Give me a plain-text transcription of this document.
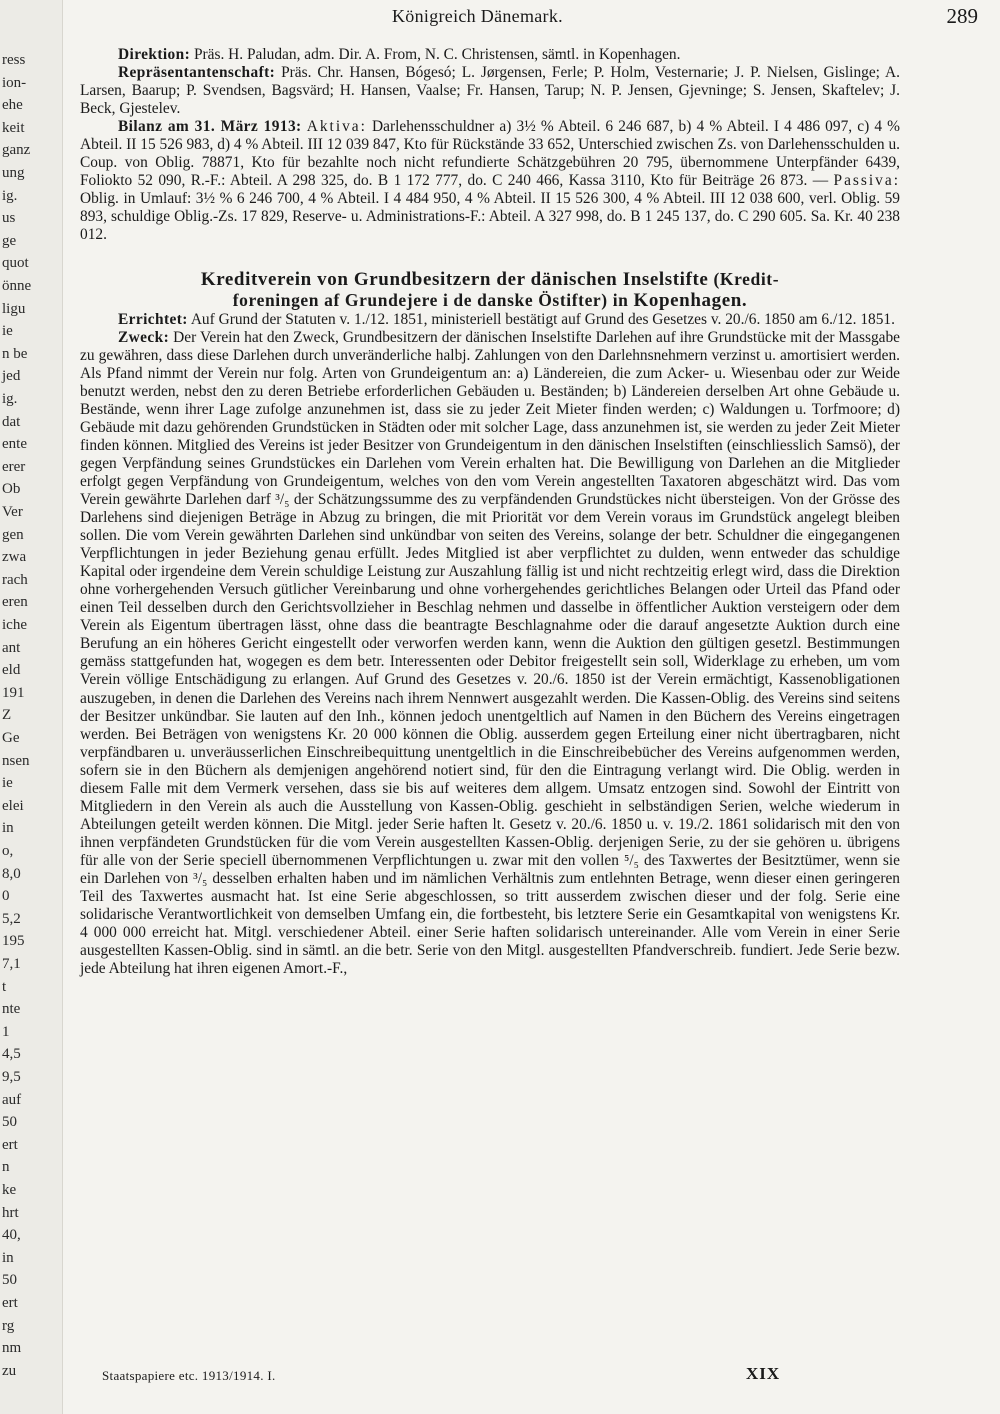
ress
ion-
ehe
keit
ganz
ung
ig.
us
ge
quot
önne
ligu
ie
n be
jed
ig.
dat
ente
erer
Ob
Ver
gen
zwa
rach
eren
iche
ant
eld
191
Z
Ge
nsen
ie
elei
in
o,
8,0
0
5,2
195
7,1
t
nte
1
4,5
9,5
auf
50
ert
n
ke
hrt
40,
in
50
ert
rg
nm
zu
Königreich Dänemark.	289

Direktion: Präs. H. Paludan, adm. Dir. A. From, N. C. Christensen, sämtl. in Kopenhagen.

Repräsentantenschaft: Präs. Chr. Hansen, Bógesó; L. Jørgensen, Ferle; P. Holm, Vesternarie; J. P. Nielsen, Gislinge; A. Larsen, Baarup; P. Svendsen, Bagsvärd; H. Hansen, Vaalse; Fr. Hansen, Tarup; N. P. Jensen, Gjevninge; S. Jensen, Skaftelev; J. Beck, Gjestelev.

Bilanz am 31. März 1913: Aktiva: Darlehensschuldner a) 3½ % Abteil. 6 246 687, b) 4 % Abteil. I 4 486 097, c) 4 % Abteil. II 15 526 983, d) 4 % Abteil. III 12 039 847, Kto für Rückstände 33 652, Unterschied zwischen Zs. von Darlehensschulden u. Coup. von Oblig. 78871, Kto für bezahlte noch nicht refundierte Schätzgebühren 20 795, übernommene Unterpfänder 6439, Foliokto 52 090, R.-F.: Abteil. A 298 325, do. B 1 172 777, do. C 240 466, Kassa 3110, Kto für Beiträge 26 873. — Passiva: Oblig. in Umlauf: 3½ % 6 246 700, 4 % Abteil. I 4 484 950, 4 % Abteil. II 15 526 300, 4 % Abteil. III 12 038 600, verl. Oblig. 59 893, schuldige Oblig.-Zs. 17 829, Reserve- u. Administrations-F.: Abteil. A 327 998, do. B 1 245 137, do. C 290 605. Sa. Kr. 40 238 012.

Kreditverein von Grundbesitzern der dänischen Inselstifte (Kredit-
foreningen af Grundejere i de danske Östifter) in Kopenhagen.

Errichtet: Auf Grund der Statuten v. 1./12. 1851, ministeriell bestätigt auf Grund des Gesetzes v. 20./6. 1850 am 6./12. 1851.

Zweck: Der Verein hat den Zweck, Grundbesitzern der dänischen Inselstifte Darlehen auf ihre Grundstücke mit der Massgabe zu gewähren, dass diese Darlehen durch unveränderliche halbj. Zahlungen von den Darlehnsnehmern verzinst u. amortisiert werden. Als Pfand nimmt der Verein nur folg. Arten von Grundeigentum an: a) Ländereien, die zum Acker- u. Wiesenbau oder zur Weide benutzt werden, nebst den zu deren Betriebe erforderlichen Gebäuden u. Beständen; b) Ländereien derselben Art ohne Gebäude u. Bestände, wenn ihrer Lage zufolge anzunehmen ist, dass sie zu jeder Zeit Mieter finden werden; c) Waldungen u. Torfmoore; d) Gebäude mit dazu gehörenden Grundstücken in Städten oder mit solcher Lage, dass anzunehmen ist, sie werden zu jeder Zeit Mieter finden können. Mitglied des Vereins ist jeder Besitzer von Grundeigentum in den dänischen Inselstiften (einschliesslich Samsö), der gegen Verpfändung seines Grundstückes ein Darlehen vom Verein erhalten hat. Die Bewilligung von Darlehen an die Mitglieder erfolgt gegen Verpfändung von Grundeigentum, welches von den vom Verein angestellten Taxatoren abgeschätzt wird. Das vom Verein gewährte Darlehen darf ³/₅ der Schätzungssumme des zu verpfändenden Grundstückes nicht übersteigen. Von der Grösse des Darlehens sind diejenigen Beträge in Abzug zu bringen, die mit Priorität vor dem Verein voraus im Grundstück angelegt bleiben sollen. Die vom Verein gewährten Darlehen sind unkündbar von seiten des Vereins, solange der betr. Schuldner die eingegangenen Verpflichtungen in jeder Beziehung genau erfüllt. Jedes Mitglied ist aber verpflichtet zu dulden, wenn entweder das schuldige Kapital oder irgendeine dem Verein schuldige Leistung zur Auszahlung fällig ist und nicht rechtzeitig erlegt wird, dass die Direktion ohne vorhergehenden Versuch gütlicher Vereinbarung und ohne vorhergehendes gerichtliches Belangen oder Urteil das Pfand oder einen Teil desselben durch den Gerichtsvollzieher in Beschlag nehmen und dasselbe in öffentlicher Auktion versteigern oder dem Verein als Eigentum übertragen lässt, ohne dass die beantragte Beschlagnahme oder die darauf angesetzte Auktion durch eine Berufung an ein höheres Gericht eingestellt oder verworfen werden kann, wenn die Auktion den gültigen gesetzl. Bestimmungen gemäss stattgefunden hat, wogegen es dem betr. Interessenten oder Debitor freigestellt sein soll, Widerklage zu erheben, um vom Verein völlige Entschädigung zu erlangen. Auf Grund des Gesetzes v. 20./6. 1850 ist der Verein ermächtigt, Kassenobligationen auszugeben, in denen die Darlehen des Vereins nach ihrem Nennwert ausgezahlt werden. Die Kassen-Oblig. des Vereins sind seitens der Besitzer unkündbar. Sie lauten auf den Inh., können jedoch unentgeltlich auf Namen in den Büchern des Vereins eingetragen werden. Bei Beträgen von wenigstens Kr. 20 000 können die Oblig. ausserdem gegen Erteilung einer nicht übertragbaren, nicht verpfändbaren u. unveräusserlichen Einschreibequittung unentgeltlich in die Einschreibebücher des Vereins aufgenommen werden, sofern sie in den Büchern als demjenigen angehörend notiert sind, für den die Eintragung verlangt wird. Die Oblig. werden in diesem Falle mit dem Vermerk versehen, dass sie bis auf weiteres dem allgem. Umsatz entzogen sind. Sowohl der Eintritt von Mitgliedern in den Verein als auch die Ausstellung von Kassen-Oblig. geschieht in selbständigen Serien, welche wiederum in Abteilungen geteilt werden können. Die Mitgl. jeder Serie haften lt. Gesetz v. 20./6. 1850 u. v. 19./2. 1861 solidarisch mit den von ihnen verpfändeten Grundstücken für die vom Verein ausgestellten Kassen-Oblig. derjenigen Serie, zu der sie gehören u. übrigens für alle von der Serie speciell übernommenen Verpflichtungen u. zwar mit den vollen ⁵/₅ des Taxwertes der Besitztümer, wenn sie ein Darlehen von ³/₅ desselben erhalten haben und im nämlichen Verhältnis zum entlehnten Betrage, wenn dieser einen geringeren Teil des Taxwertes ausmacht hat. Ist eine Serie abgeschlossen, so tritt ausserdem zwischen dieser und der folg. Serie eine solidarische Verantwortlichkeit von demselben Umfang ein, die fortbesteht, bis letztere Serie ein Gesamtkapital von wenigstens Kr. 4 000 000 erreicht hat. Mitgl. verschiedener Abteil. einer Serie haften solidarisch untereinander. Alle vom Verein in einer Serie ausgestellten Kassen-Oblig. sind in sämtl. an die betr. Serie von den Mitgl. ausgestellten Pfandverschreib. fundiert. Jede Serie bezw. jede Abteilung hat ihren eigenen Amort.-F.,

Staatspapiere etc. 1913/1914. I.	XIX
